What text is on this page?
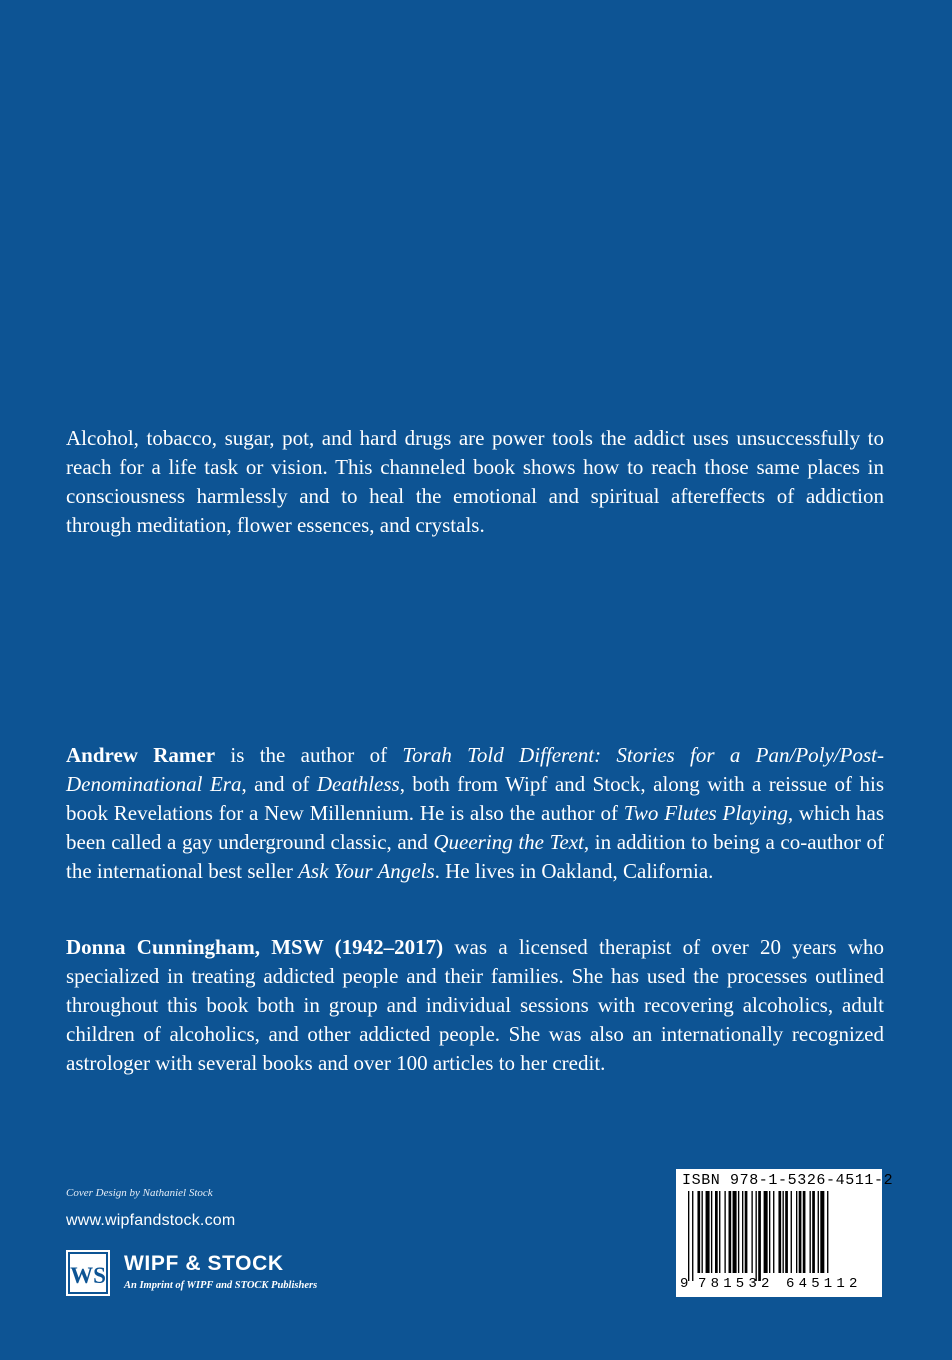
Alcohol, tobacco, sugar, pot, and hard drugs are power tools the addict uses unsuccessfully to reach for a life task or vision. This channeled book shows how to reach those same places in consciousness harmlessly and to heal the emotional and spiritual aftereffects of addiction through meditation, flower essences, and crystals.

Andrew Ramer is the author of Torah Told Different: Stories for a Pan/Poly/Post-Denominational Era, and of Deathless, both from Wipf and Stock, along with a reissue of his book Revelations for a New Millennium. He is also the author of Two Flutes Playing, which has been called a gay underground classic, and Queering the Text, in addition to being a co-author of the international best seller Ask Your Angels. He lives in Oakland, California.

Donna Cunningham, MSW (1942–2017) was a licensed therapist of over 20 years who specialized in treating addicted people and their families. She has used the processes outlined throughout this book both in group and individual sessions with recovering alcoholics, adult children of alcoholics, and other addicted people. She was also an internationally recognized astrologer with several books and over 100 articles to her credit.

Cover Design by Nathaniel Stock
www.wipfandstock.com
WS WIPF & STOCK
An Imprint of WIPF and STOCK Publishers
ISBN 978-1-5326-4511-2
9 781532 645112
